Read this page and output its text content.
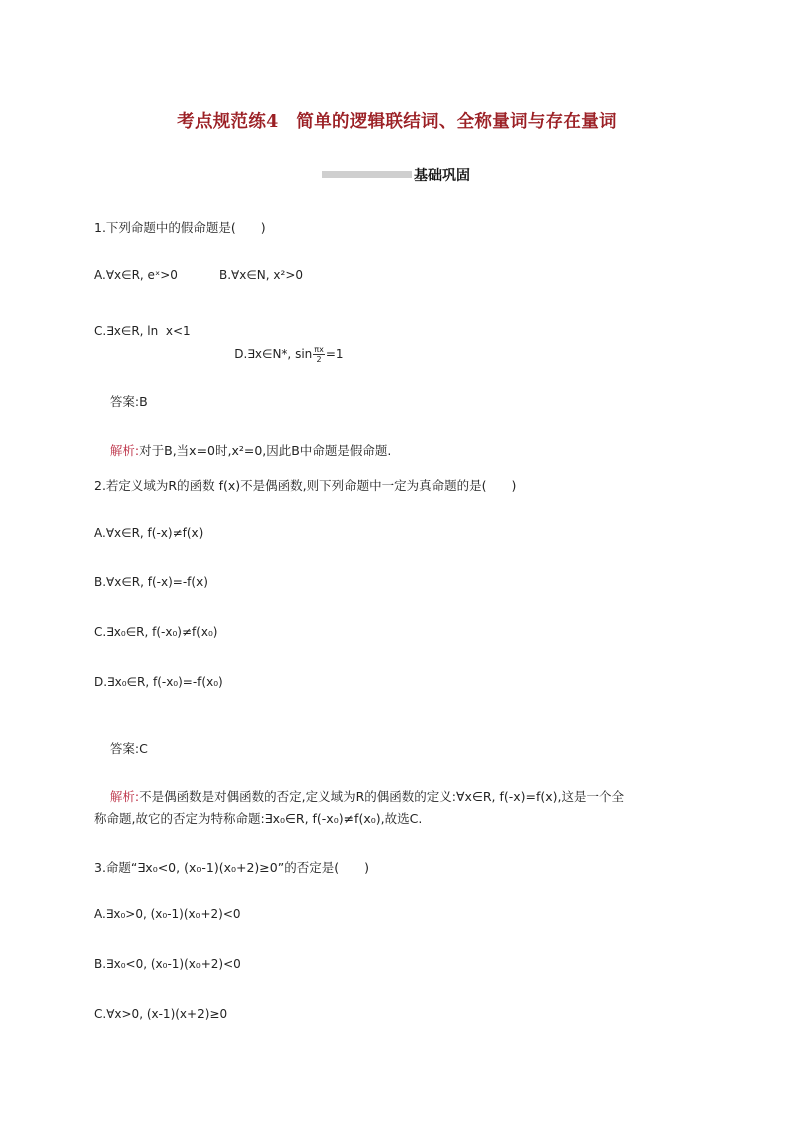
考点规范练4　简单的逻辑联结词、全称量词与存在量词
基础巩固
1.下列命题中的假命题是(　　)
A.∀x∈R, eˣ>0	B.∀x∈N, x²>0
C.∃x∈R, ln  x<1

D.∃x∈N*, $\sin \frac{\pi x}{2} =1$

答案:B

解析:对于B,当x=0时,x²=0,因此B中命题是假命题.

2.若定义域为R的函数 f(x)不是偶函数,则下列命题中一定为真命题的是(　　)
A.∀x∈R, f(-x)≠f(x)
B.∀x∈R, f(-x)=-f(x)
C.∃x₀∈R, f(-x₀)≠f(x₀)
D.∃x₀∈R, f(-x₀)=-f(x₀)

答案:C

解析:不是偶函数是对偶函数的否定,定义域为R的偶函数的定义:∀x∈R, f(-x)=f(x),这是一个全

称命题,故它的否定为特称命题:∃x₀∈R, f(-x₀)≠f(x₀),故选C.
3.命题“∃x₀<0, (x₀-1)(x₀+2)≥0”的否定是(　　)
A.∃x₀>0, (x₀-1)(x₀+2)<0
B.∃x₀<0, (x₀-1)(x₀+2)<0
C.∀x>0, (x-1)(x+2)≥0
